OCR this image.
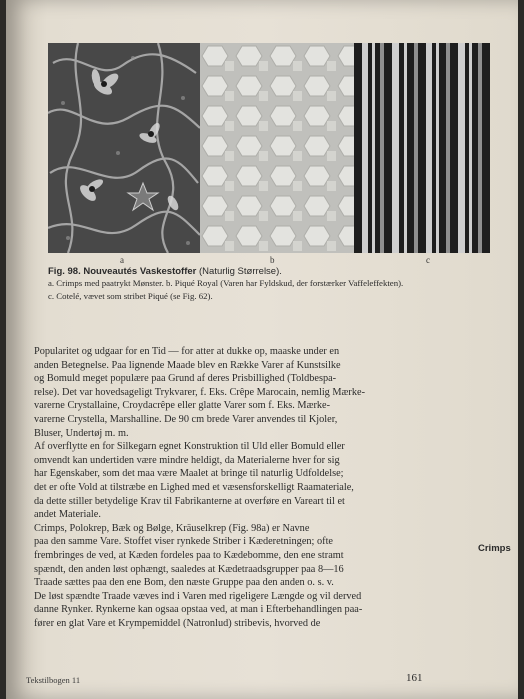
a	b	c
Fig. 98. Nouveautés Vaskestoffer (Naturlig Størrelse).
a. Crimps med paatrykt Mønster. b. Piqué Royal (Varen har Fyldskud, der forstærker Vaffeleffekten).
c. Cotelé, vævet som stribet Piqué (se Fig. 62).

Popularitet og udgaar for en Tid — for atter at dukke op, maaske under en
anden Betegnelse. Paa lignende Maade blev en Række Varer af Kunstsilke
og Bomuld meget populære paa Grund af deres Prisbillighed (Toldbespa-
relse). Det var hovedsageligt Trykvarer, f. Eks. Crêpe Marocain, nemlig Mærke-
varerne Crystallaine, Croydacrêpe eller glatte Varer som f. Eks. Mærke-
varerne Crystella, Marshalline. De 90 cm brede Varer anvendes til Kjoler,
Bluser, Undertøj m. m.

Af overflytte en for Silkegarn egnet Konstruktion til Uld eller Bomuld eller
omvendt kan undertiden være mindre heldigt, da Materialerne hver for sig
har Egenskaber, som det maa være Maalet at bringe til naturlig Udfoldelse;
det er ofte Vold at tilstræbe en Lighed med et væsensforskelligt Raamateriale,
da dette stiller betydelige Krav til Fabrikanterne at overføre en Vareart til et
andet Materiale.

Crimps, Polokrep, Bæk og Bølge, Kräuselkrep (Fig. 98a) er Navne
paa den samme Vare. Stoffet viser rynkede Striber i Kæderetningen; ofte
frembringes de ved, at Kæden fordeles paa to Kædebomme, den ene stramt
spændt, den anden løst ophængt, saaledes at Kædetraadsgrupper paa 8—16
Traade sættes paa den ene Bom, den næste Gruppe paa den anden o. s. v.
De løst spændte Traade væves ind i Varen med rigeligere Længde og vil derved
danne Rynker. Rynkerne kan ogsaa opstaa ved, at man i Efterbehandlingen paa-
fører en glat Vare et Krympemiddel (Natronlud) stribevis, hvorved de

Crimps
Tekstilbogen 11	161
